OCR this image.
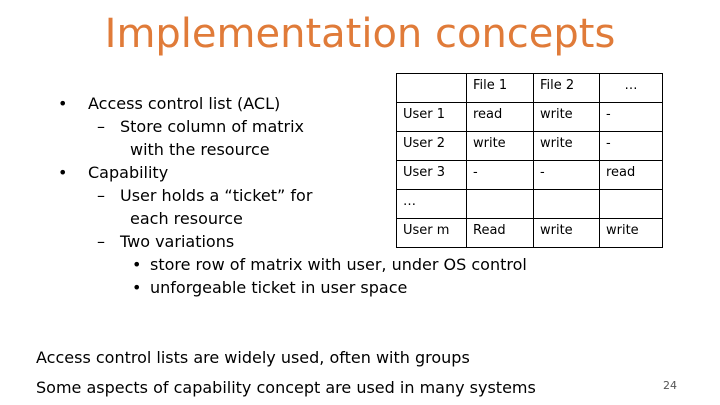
Implementation concepts
• Access control list (ACL)
– Store column of matrix
with the resource
• Capability
– User holds a “ticket” for
each resource
– Two variations
• store row of matrix with user, under OS control
• unforgeable ticket in user space
	File 1	File 2	…
User 1	read	write	-
User 2	write	write	-
User 3	-	-	read
…			
User m	Read	write	write
Access control lists are widely used, often with groups
Some aspects of capability concept are used in many systems	24
